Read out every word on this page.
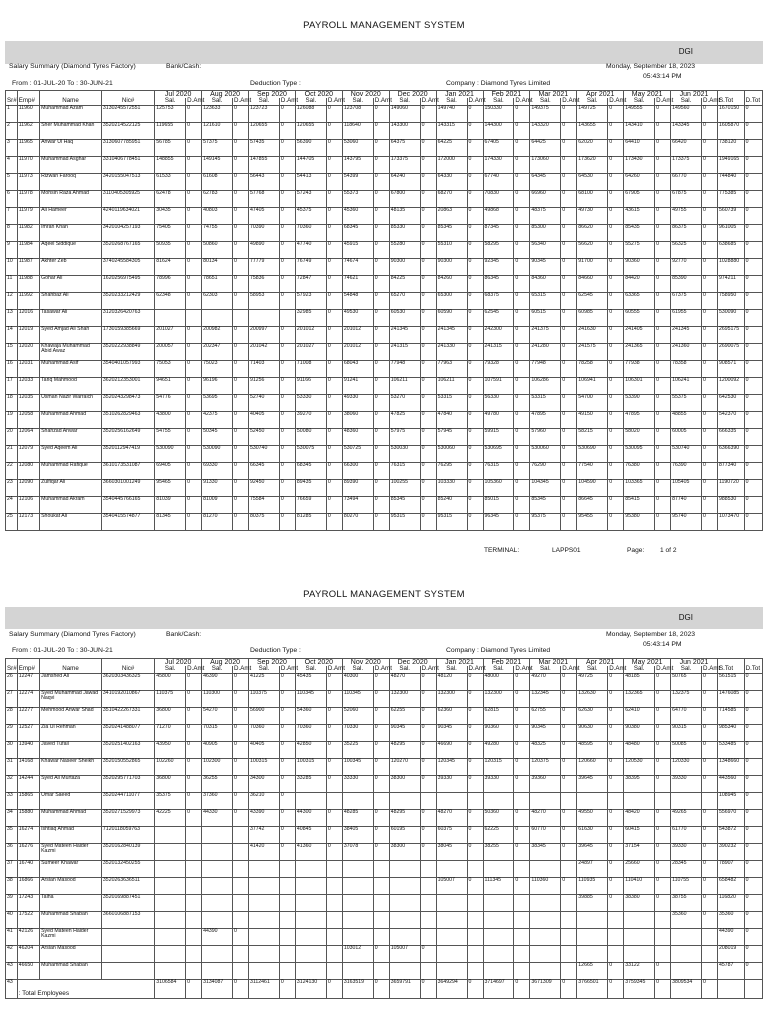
PAYROLL MANAGEMENT SYSTEM
DGI
Salary Summary (Diamond Tyres Factory)	Bank/Cash:	Monday, September 18, 2023
05:43:14 PM
From : 01-JUL-20 To : 30-JUN-21	Deduction Type :	Company : Diamond Tyres Limited
				Jul 2020		Aug 2020		Sep 2020		Oct 2020		Nov 2020		Dec 2020		Jan 2021		Feb 2021		Mar 2021		Apr 2021		May 2021		Jun 2021			
Sr#	Emp#	Name	Nic#	Sal.	D.Amt	Sal.	D.Amt	Sal.	D.Amt	Sal.	D.Amt	Sal.	D.Amt	Sal.	D.Amt	Sal.	D.Amt	Sal.	D.Amt	Sal.	D.Amt	Sal.	D.Amt	Sal.	D.Amt	Sal.	D.Amt	S.Tot	D.Tot
1	11960	Muhammad Azam	3130245572551	125753	0	123633	0	123723	0	126088	0	123708	0	149060	0	149740	0	150330	0	149375	0	149725	0	149555	0	149560	0	1670150	0
2	11962	Sher Muhammad Khan	3520214522125	119655	0	121610	0	120655	0	120655	0	118640	0	143300	0	143315	0	144300	0	143320	0	143655	0	143410	0	143345	0	1605870	0
3	11965	Anwar Ul Haq	3130607785951	56785	0	57375	0	57435	0	56390	0	53060	0	64375	0	64225	0	67405	0	64425	0	62020	0	64410	0	66420	0	738120	0
4	11970	Muhammad Asghar	3310406778451	148855	0	149145	0	147855	0	144705	0	143795	0	173375	0	172000	0	174330	0	173060	0	173620	0	173430	0	173375	0	1949165	0
5	11973	Rizwan Farooq	3420155047513	61533	0	61608	0	56443	0	54413	0	54399	0	64240	0	64330	0	67740	0	64345	0	64530	0	64260	0	66770	0	744840	0
6	11978	Mohsin Raza Ahmad	3110405305925	62478	0	62783	0	57768	0	57243	0	55373	0	67800	0	68270	0	70830	0	66960	0	68100	0	67905	0	67875	0	775385	0
7	11979	Ali Hameer	4240119634021	30435	0	40803	0	47405	0	45375	0	45360	0	48135	0	20863	0	49868	0	48375	0	49730	0	43615	0	49755	0	560739	0
8	11982	Imran Khan	3420104257193	75405	0	74755	0	70390	0	70360	0	68345	0	85330	0	85345	0	87345	0	85300	0	86620	0	85435	0	86375	0	961005	0
9	11984	Aqeel Siddique	3520268767165	50935	0	50860	0	49890	0	47740	0	45915	0	55280	0	55310	0	58295	0	56340	0	56620	0	55275	0	56325	0	638685	0
10	11987	Akhter Zeb	3740245584305	81624	0	80134	0	77779	0	76749	0	74674	0	90300	0	90300	0	92345	0	90345	0	91700	0	90360	0	92770	0	1028880	0
11	11988	Gohar Ali	1620256975495	78996	0	78651	0	75836	0	72847	0	74621	0	84225	0	84260	0	86345	0	84360	0	84660	0	84420	0	85390	0	974211	0
12	11992	Shahbaz Ali	3520233212429	62348	0	62303	0	58953	0	57923	0	54848	0	65270	0	65300	0	68375	0	65315	0	62545	0	63365	0	67375	0	758950	0
13	12016	Tasawar Ali	3120326420763							32985	0	49530	0	60530	0	60590	0	62545	0	60515	0	60985	0	60555	0	61955	0	530090	0
14	12019	Syed Amjad Ali Shah	1730159385669	201027	0	200982	0	200997	0	201012	0	201012	0	241345	0	241345	0	242300	0	241375	0	241630	0	241405	0	241345	0	2695175	0
15	12020	Khawaja Muhammad Abid Awaz	3520222938849	200057	0	202347	0	201042	0	201027	0	201012	0	241315	0	241330	0	241315	0	241280	0	241575	0	241365	0	241360	0	2690075	0
16	12031	Muhammad Asif	3540401057993	75053	0	75023	0	71403	0	71008	0	68043	0	77948	0	77963	0	79328	0	77948	0	78258	0	77938	0	78358	0	908571	0
17	12033	Tariq Mahmood	3620212353001	94651	0	96196	0	91256	0	91166	0	91241	0	106211	0	106211	0	107591	0	106286	0	106941	0	106301	0	106241	0	1200092	0
18	12035	Usman Nazir Warraich	3520243298473	54776	0	53695	0	52740	0	53330	0	49330	0	53270	0	53315	0	56330	0	53315	0	54700	0	53390	0	55375	0	642530	0
19	12058	Muhammad Ahmad	3510262829463	43800	0	42375	0	40405	0	39270	0	38060	0	47825	0	47840	0	49780	0	47895	0	49150	0	47895	0	48855	0	542370	0
20	12064	Shahzad Anwar	3520256162649	54755	0	50345	0	52450	0	50080	0	48360	0	57975	0	57945	0	59915	0	57960	0	58215	0	58020	0	60005	0	666335	0
21	12079	Syed Aqeem Ali	3520112947419	530090	0	530090	0	530740	0	530075	0	530725	0	530030	0	530060	0	530695	0	530060	0	530690	0	530095	0	530740	0	6366390	0
22	12080	Muhammad Rafique	3610173531087	69405	0	69330	0	66345	0	68345	0	66300	0	76315	0	76295	0	76315	0	76290	0	77540	0	76380	0	76390	0	877340	0
23	12090	Zulfiqar Ali	3660301001249	95465	0	91330	0	92450	0	89435	0	89390	0	100255	0	103330	0	105360	0	104345	0	104590	0	103365	0	105405	0	1190720	0
24	12106	Muhammad Akram	3540445766165	81039	0	81009	0	75584	0	76659	0	73494	0	85345	0	85240	0	85015	0	85345	0	86645	0	85415	0	87740	0	988530	0
25	12173	Shoukat Ali	3540415574877	81345	0	81270	0	80375	0	81285	0	80270	0	95315	0	95315	0	96345	0	95375	0	95455	0	95380	0	95740	0	1073470	0
TERMINAL:	LAPPS01	Page: 1 of 2
PAYROLL MANAGEMENT SYSTEM
DGI
Salary Summary (Diamond Tyres Factory)	Bank/Cash:	Monday, September 18, 2023
05:43:14 PM
From : 01-JUL-20 To : 30-JUN-21	Deduction Type :	Company : Diamond Tyres Limited
				Jul 2020		Aug 2020		Sep 2020		Oct 2020		Nov 2020		Dec 2020		Jan 2021		Feb 2021		Mar 2021		Apr 2021		May 2021		Jun 2021			
Sr#	Emp#	Name	Nic#	Sal.	D.Amt	Sal.	D.Amt	Sal.	D.Amt	Sal.	D.Amt	Sal.	D.Amt	Sal.	D.Amt	Sal.	D.Amt	Sal.	D.Amt	Sal.	D.Amt	Sal.	D.Amt	Sal.	D.Amt	Sal.	D.Amt	S.Tot	D.Tot
26	12247	Jamshed Ali	3620303436325	45800	0	46390	0	41225	0	45435	0	40300	0	48270	0	48120	0	48000	0	49270	0	49725	0	48185	0	50765	0	561515	0
27	12274	Syed Muhammad Jawad Naqvi	3410192010867	110375	0	110300	0	110375	0	110345	0	110345	0	132300	0	132300	0	132300	0	132345	0	132630	0	132365	0	132375	0	1476085	0
28	12277	Mehmood Anwar Shad	3510422267331	36800	0	54270	0	56900	0	54360	0	52060	0	62255	0	62360	0	62815	0	62755	0	62630	0	62410	0	64770	0	714585	0
29	12527	Zia Ul Rehman	3520241488077	71270	0	70315	0	70360	0	70360	0	70330	0	90345	0	90345	0	90360	0	90345	0	90630	0	90380	0	90315	0	985340	0
30	13940	Javed Tufail	3520251402163	43950	0	40905	0	40405	0	42850	0	35225	0	48295	0	46690	0	49280	0	48325	0	48595	0	48480	0	50085	0	533485	0
31	14168	Khawar Naseer Sheikh	3520150552865	102260	0	102300	0	100315	0	100315	0	100345	0	120270	0	120345	0	120315	0	120375	0	120660	0	120530	0	120330	0	1348660	0
32	14244	Syed Ali Murtaza	3520295771703	36800	0	36255	0	34300	0	33285	0	33330	0	38300	0	39330	0	39330	0	39360	0	39645	0	38395	0	39330	0	443560	0
33	15865	Umar Saeed	3520244711077	35375	0	37360	0	36210	0																			108945	0
34	15880	Muhammad Ahmad	3520271529973	42225	0	44330	0	43390	0	44300	0	48285	0	48295	0	48270	0	50360	0	48270	0	49550	0	48420	0	49265	0	556970	0
35	16274	Ishtiaq Ahmad	7120118059763					37742	0	40845	0	38405	0	60195	0	60375	0	62225	0	60770	0	61630	0	60415	0	61770	0	543872	0
36	16276	Syed Mateen Haider Kazmi	3520162840139					41420	0	41360	0	37078	0	38300	0	38045	0	38255	0	38345	0	39645	0	37154	0	39330	0	390232	0
37	16740	Sumeer Khawar	3520132450255																			24897	0	25660	0	28345	0	78907	0
38	16866	Arslan Masood	3520263636511													105007	0	111345	0	110360	0	110935	0	110410	0	110755	0	658482	0
39	17243	Talha	3520169887451																			39885	0	38380	0	38755	0	116820	0
40	17522	Muhammad Shaban	3660106887153																							35360	0	35360	0
41	42126	Syed Mateen Haider Kazmi				44390	0																					44390	0
42	46204	Arslan Masood										103012	0	105007	0													208019	0
43	46650	Muhammad Shaban																				12665	0	33122	0			45787	0
43	: Total Employees			3106584	0	3134087	0	3112461	0	3124130	0	3163519	0	3659791	0	3649294	0	3714697	0	3671309	0	3766501	0	3759345	0	3809534	0		
